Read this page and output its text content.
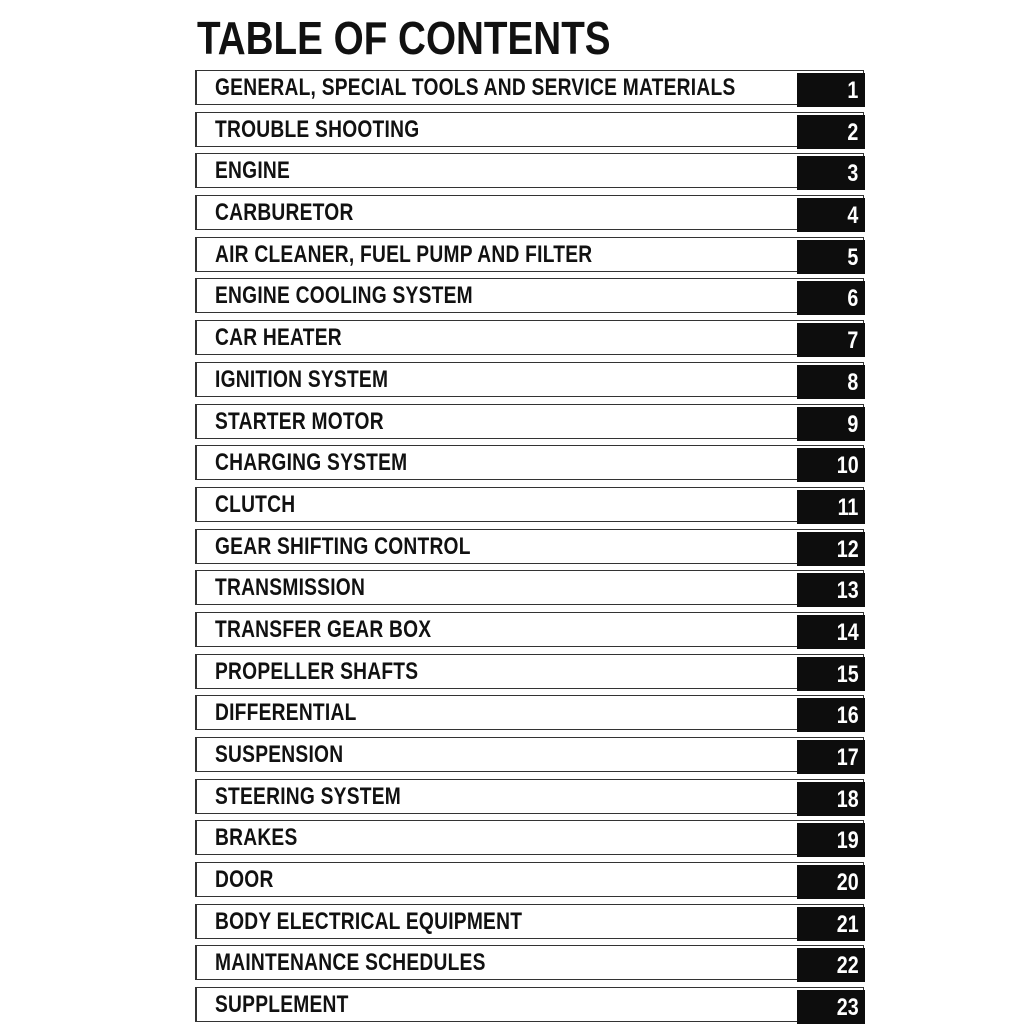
TABLE OF CONTENTS
GENERAL, SPECIAL TOOLS AND SERVICE MATERIALS	1
TROUBLE SHOOTING	2
ENGINE	3
CARBURETOR	4
AIR CLEANER, FUEL PUMP AND FILTER	5
ENGINE COOLING SYSTEM	6
CAR HEATER	7
IGNITION SYSTEM	8
STARTER MOTOR	9
CHARGING SYSTEM	10
CLUTCH	11
GEAR SHIFTING CONTROL	12
TRANSMISSION	13
TRANSFER GEAR BOX	14
PROPELLER SHAFTS	15
DIFFERENTIAL	16
SUSPENSION	17
STEERING SYSTEM	18
BRAKES	19
DOOR	20
BODY ELECTRICAL EQUIPMENT	21
MAINTENANCE SCHEDULES	22
SUPPLEMENT	23
